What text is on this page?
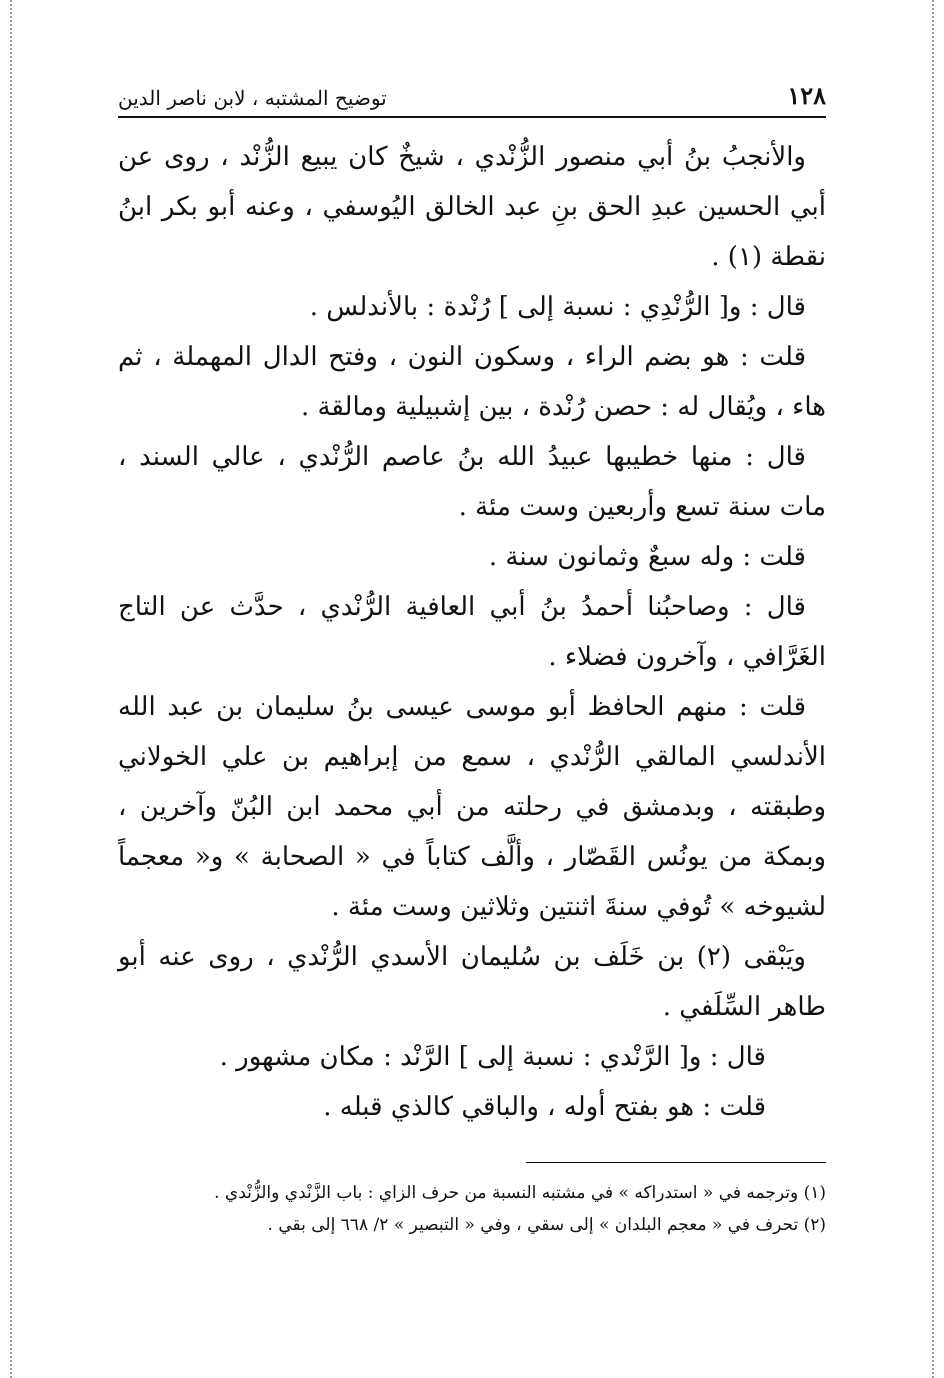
١٢٨
توضيح المشتبه ، لابن ناصر الدين

والأنجبُ بنُ أبي منصور الزُّنْدي ، شيخٌ كان يبيع الزُّنْد ، روى عن أبي الحسين عبدِ الحق بنِ عبد الخالق اليُوسفي ، وعنه أبو بكر ابنُ نقطة (١) .

قال : و[ الرُّنْدِي : نسبة إلى ] رُنْدة : بالأندلس .

قلت : هو بضم الراء ، وسكون النون ، وفتح الدال المهملة ، ثم هاء ، ويُقال له : حصن رُنْدة ، بين إشبيلية ومالقة .

قال : منها خطيبها عبيدُ الله بنُ عاصم الرُّنْدي ، عالي السند ، مات سنة تسع وأربعين وست مئة .

قلت : وله سبعٌ وثمانون سنة .

قال : وصاحبُنا أحمدُ بنُ أبي العافية الرُّنْدي ، حدَّث عن التاج الغَرَّافي ، وآخرون فضلاء .

قلت : منهم الحافظ أبو موسى عيسى بنُ سليمان بن عبد الله الأندلسي المالقي الرُّنْدي ، سمع من إبراهيم بن علي الخولاني وطبقته ، وبدمشق في رحلته من أبي محمد ابن البُنّ وآخرين ، وبمكة من يونُس القَصّار ، وألَّف كتاباً في « الصحابة » و« معجماً لشيوخه » تُوفي سنةَ اثنتين وثلاثين وست مئة .

ويَبْقى (٢) بن خَلَف بن سُليمان الأسدي الرُّنْدي ، روى عنه أبو طاهر السِّلَفي .

قال : و[ الرَّنْدي : نسبة إلى ] الرَّنْد : مكان مشهور .

قلت : هو بفتح أوله ، والباقي كالذي قبله .

(١) وترجمه في « استدراكه » في مشتبه النسبة من حرف الزاي : باب الزَّنْدي والزُّنْدي .

(٢) تحرف في « معجم البلدان » إلى سقي ، وفي « التبصير » ٢/ ٦٦٨ إلى بقي .
